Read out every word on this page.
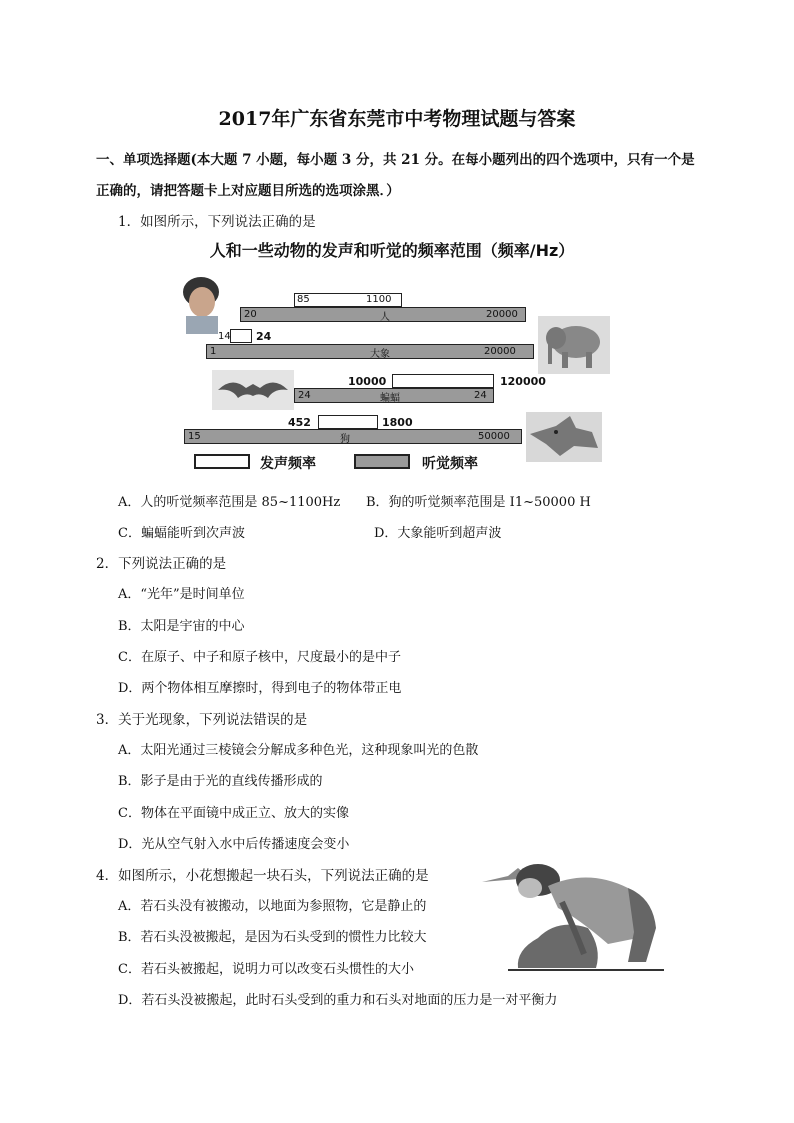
2017年广东省东莞市中考物理试题与答案
一、单项选择题(本大题 7 小题，每小题 3 分，共 21 分。在每小题列出的四个选项中，只有一个是
正确的，请把答题卡上对应题目所选的选项涂黑．）
1．如图所示，下列说法正确的是
人和一些动物的发声和听觉的频率范围（频率/Hz）
85	1100
20	人	20000
14 24
1	大象	20000
10000	120000
24	蝙蝠	24
452	1800
15	狗	50000
发声频率	听觉频率
A．人的听觉频率范围是 85~1100Hz B．狗的听觉频率范围是 I1~50000 H
C．蝙蝠能听到次声波	D．大象能听到超声波
2．下列说法正确的是
A．“光年”是时间单位
B．太阳是宇宙的中心
C．在原子、中子和原子核中，尺度最小的是中子
D．两个物体相互摩擦时，得到电子的物体带正电
3．关于光现象，下列说法错误的是
A．太阳光通过三棱镜会分解成多种色光，这种现象叫光的色散
B．影子是由于光的直线传播形成的
C．物体在平面镜中成正立、放大的实像
D．光从空气射入水中后传播速度会变小
4．如图所示，小花想搬起一块石头，下列说法正确的是
A．若石头没有被搬动，以地面为参照物，它是静止的
B．若石头没被搬起，是因为石头受到的惯性力比较大
C．若石头被搬起，说明力可以改变石头惯性的大小
D．若石头没被搬起，此时石头受到的重力和石头对地面的压力是一对平衡力
